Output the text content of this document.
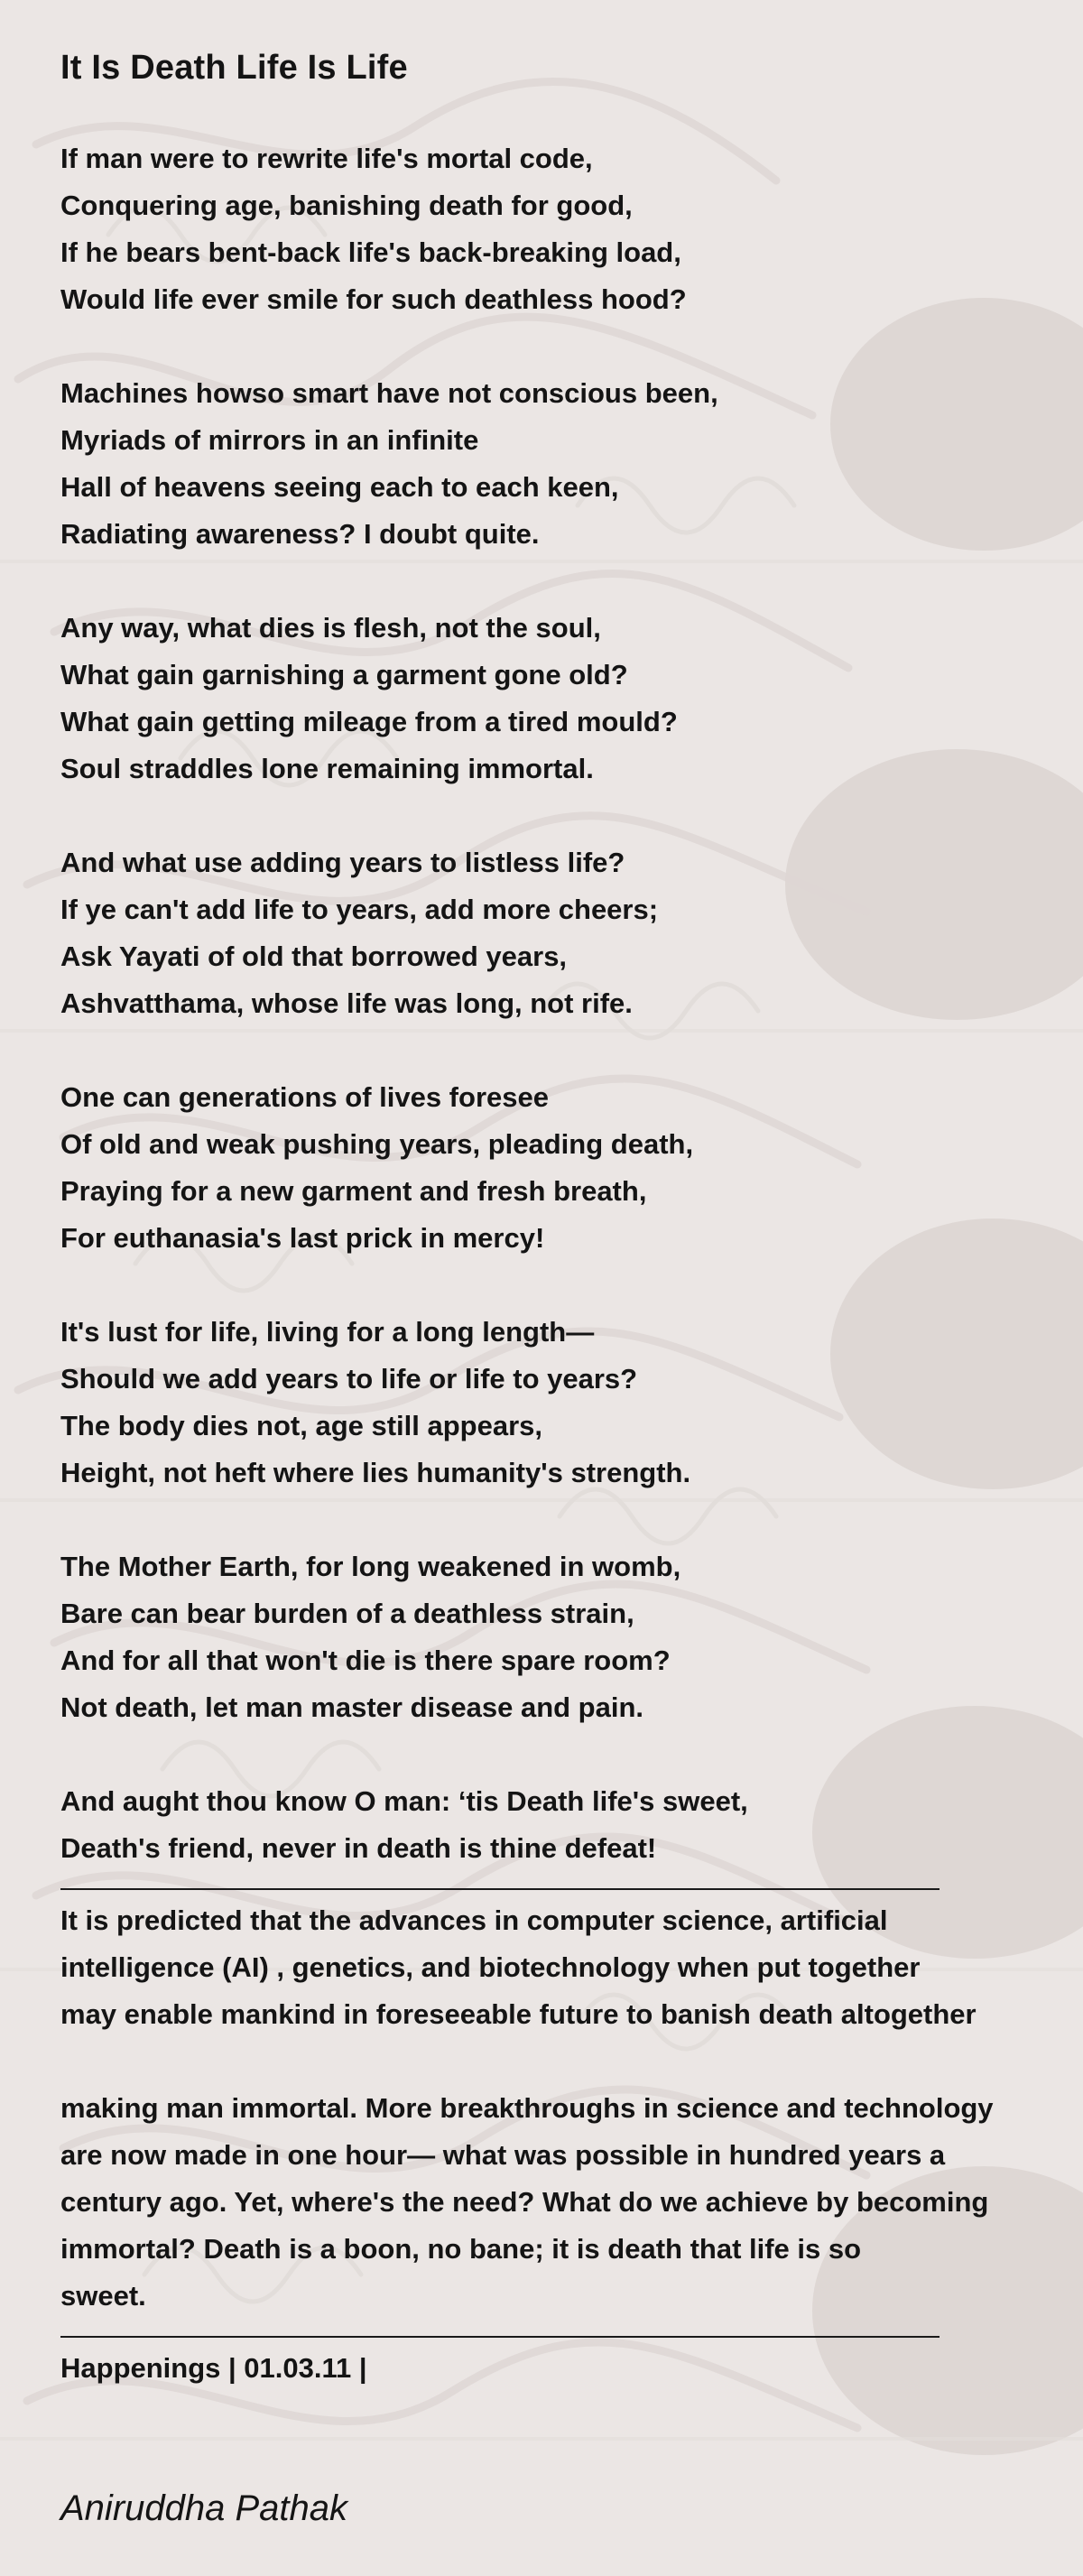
It Is Death Life Is Life
If man were to rewrite life's mortal code,
Conquering age, banishing death for good,
If he bears bent-back life's back-breaking load,
Would life ever smile for such deathless hood?
Machines howso smart have not conscious been,
Myriads of mirrors in an infinite
Hall of heavens seeing each to each keen,
Radiating awareness? I doubt quite.
Any way, what dies is flesh, not the soul,
What gain garnishing a garment gone old?
What gain getting mileage from a tired mould?
Soul straddles lone remaining immortal.
And what use adding years to listless life?
If ye can't add life to years, add more cheers;
Ask Yayati of old that borrowed years,
Ashvatthama, whose life was long, not rife.
One can generations of lives foresee
Of old and weak pushing years, pleading death,
Praying for a new garment and fresh breath,
For euthanasia's last prick in mercy!
It's lust for life, living for a long length—
Should we add years to life or life to years?
The body dies not, age still appears,
Height, not heft where lies humanity's strength.
The Mother Earth, for long weakened in womb,
Bare can bear burden of a deathless strain,
And for all that won't die is there spare room?
Not death, let man master disease and pain.
And aught thou know O man: ‘tis Death life's sweet,
Death's friend, never in death is thine defeat!
It is predicted that the advances in computer science, artificial
intelligence (AI) , genetics, and biotechnology when put together
may enable mankind in foreseeable future to banish death altogether
making man immortal. More breakthroughs in science and technology
are now made in one hour— what was possible in hundred years a
century ago. Yet, where's the need? What do we achieve by becoming
immortal? Death is a boon, no bane; it is death that life is so
sweet.
Happenings | 01.03.11 |
Aniruddha Pathak
